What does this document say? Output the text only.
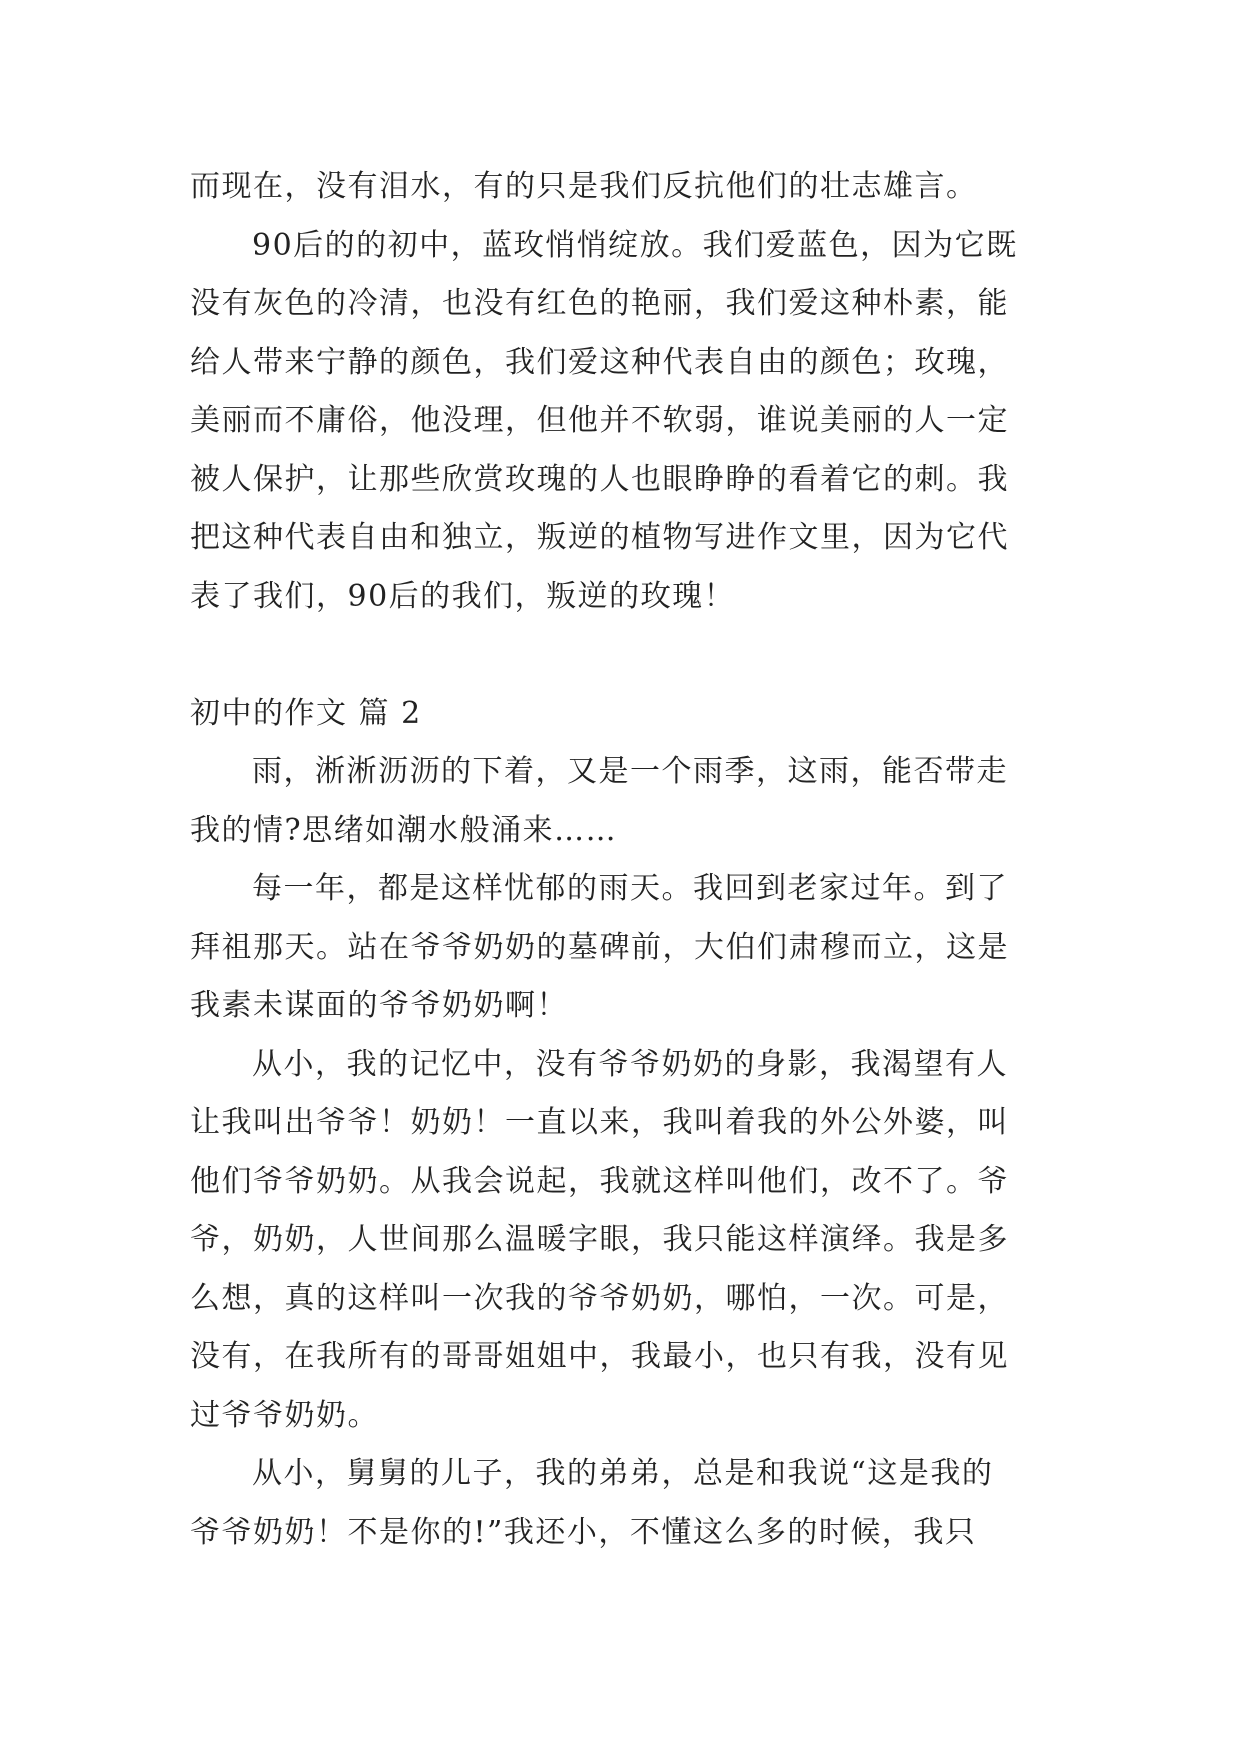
而现在，没有泪水，有的只是我们反抗他们的壮志雄言。
90后的的初中，蓝玫悄悄绽放。我们爱蓝色，因为它既
没有灰色的冷清，也没有红色的艳丽，我们爱这种朴素，能
给人带来宁静的颜色，我们爱这种代表自由的颜色；玫瑰，
美丽而不庸俗，他没理，但他并不软弱，谁说美丽的人一定
被人保护，让那些欣赏玫瑰的人也眼睁睁的看着它的刺。我
把这种代表自由和独立，叛逆的植物写进作文里，因为它代
表了我们，90后的我们，叛逆的玫瑰！
初中的作文 篇 2
雨，淅淅沥沥的下着，又是一个雨季，这雨，能否带走
我的情?思绪如潮水般涌来……
每一年，都是这样忧郁的雨天。我回到老家过年。到了
拜祖那天。站在爷爷奶奶的墓碑前，大伯们肃穆而立，这是
我素未谋面的爷爷奶奶啊！
从小，我的记忆中，没有爷爷奶奶的身影，我渴望有人
让我叫出爷爷！奶奶！一直以来，我叫着我的外公外婆，叫
他们爷爷奶奶。从我会说起，我就这样叫他们，改不了。爷
爷，奶奶，人世间那么温暖字眼，我只能这样演绎。我是多
么想，真的这样叫一次我的爷爷奶奶，哪怕，一次。可是，
没有，在我所有的哥哥姐姐中，我最小，也只有我，没有见
过爷爷奶奶。
从小，舅舅的儿子，我的弟弟，总是和我说“这是我的
爷爷奶奶！不是你的!”我还小，不懂这么多的时候，我只
